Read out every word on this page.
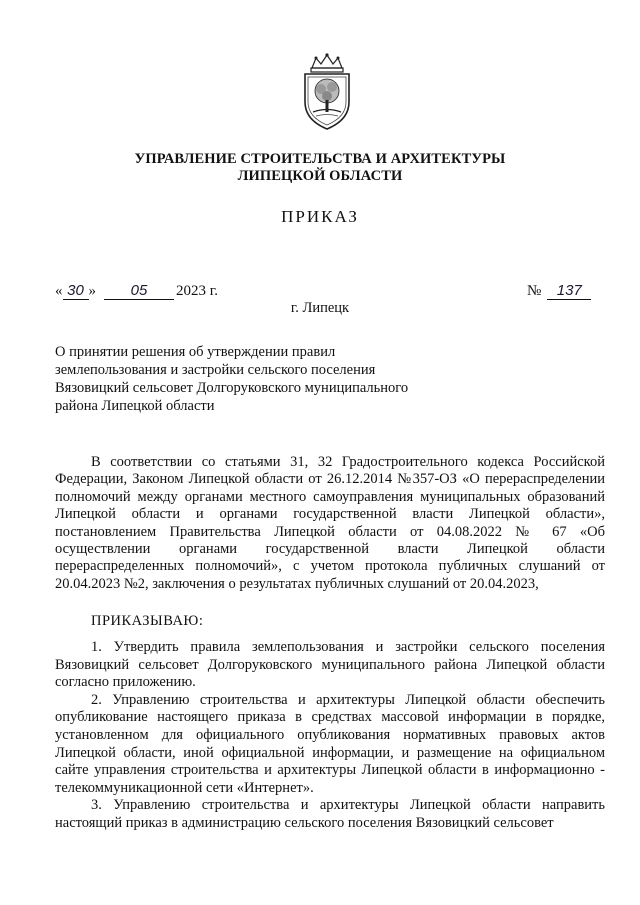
УПРАВЛЕНИЕ СТРОИТЕЛЬСТВА И АРХИТЕКТУРЫ
ЛИПЕЦКОЙ ОБЛАСТИ
ПРИКАЗ
« 30 » 05 2023 г.	№ 137
г. Липецк
О принятии решения об утверждении правил
землепользования и застройки сельского поселения
Вязовицкий сельсовет Долгоруковского муниципального
района Липецкой области

В соответствии со статьями 31, 32 Градостроительного кодекса Российской Федерации, Законом Липецкой области от 26.12.2014 №357-ОЗ «О перераспределении полномочий между органами местного самоуправления муниципальных образований Липецкой области и органами государственной власти Липецкой области», постановлением Правительства Липецкой области от 04.08.2022 № 67 «Об осуществлении органами государственной власти Липецкой области перераспределенных полномочий», с учетом протокола публичных слушаний от 20.04.2023 №2, заключения о результатах публичных слушаний от 20.04.2023,

ПРИКАЗЫВАЮ:

1. Утвердить правила землепользования и застройки сельского поселения Вязовицкий сельсовет Долгоруковского муниципального района Липецкой области согласно приложению.

2. Управлению строительства и архитектуры Липецкой области обеспечить опубликование настоящего приказа в средствах массовой информации в порядке, установленном для официального опубликования нормативных правовых актов Липецкой области, иной официальной информации, и размещение на официальном сайте управления строительства и архитектуры Липецкой области в информационно - телекоммуникационной сети «Интернет».

3. Управлению строительства и архитектуры Липецкой области направить настоящий приказ в администрацию сельского поселения Вязовицкий сельсовет
